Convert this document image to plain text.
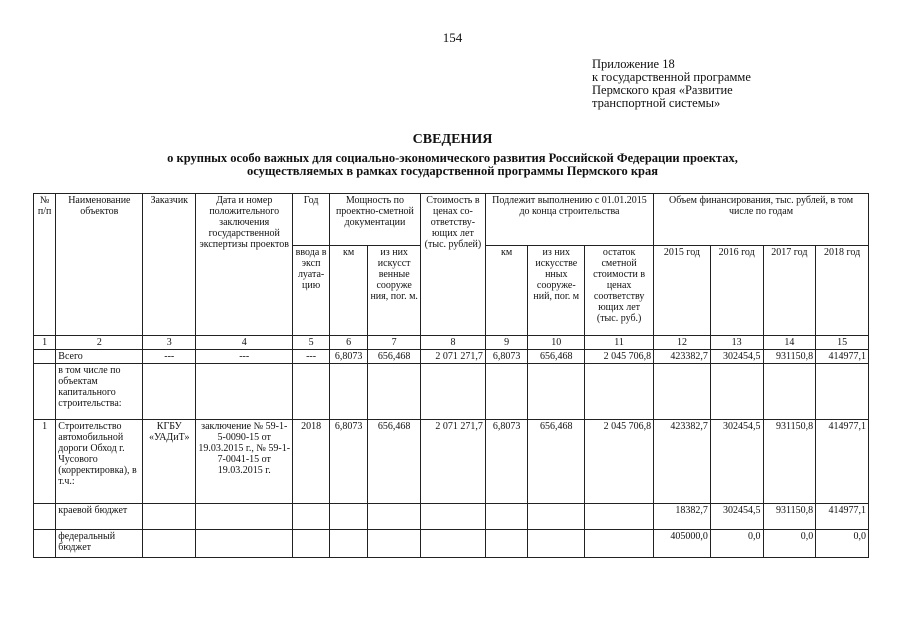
154
Приложение 18
к государственной программе
Пермского края «Развитие
транспортной системы»
СВЕДЕНИЯ
о крупных особо важных для социально-экономического развития Российской Федерации проектах,
осуществляемых в рамках государственной программы Пермского края
№ п/п	Наименование объектов	Заказчик	Дата и номер положительного заключения государственной экспертизы проектов	Год	Мощность по проектно-сметной документации		Стоимость в ценах со-ответству-ющих лет (тыс. рублей)	Подлежит выполнению с 01.01.2015 до конца строительства			Объем финансирования, тыс. рублей, в том числе по годам			
				ввода в эксп луата-цию	км	из них искусст венные сооруже ния, пог. м.		км	из них искусстве нных сооруже-ний, пог. м	остаток сметной стоимости в ценах соответству ющих лет (тыс. руб.)	2015 год	2016 год	2017 год	2018 год
1	2	3	4	5	6	7	8	9	10	11	12	13	14	15
	Всего	---	---	---	6,8073	656,468	2 071 271,7	6,8073	656,468	2 045 706,8	423382,7	302454,5	931150,8	414977,1
	в том числе по объектам капитального строительства:													
1	Строительство автомобильной дороги Обход г. Чусового (корректировка), в т.ч.:	КГБУ «УАДиТ»	заключение № 59-1-5-0090-15 от 19.03.2015 г., № 59-1-7-0041-15 от 19.03.2015 г.	2018	6,8073	656,468	2 071 271,7	6,8073	656,468	2 045 706,8	423382,7	302454,5	931150,8	414977,1
	краевой бюджет										18382,7	302454,5	931150,8	414977,1
	федеральный бюджет										405000,0	0,0	0,0	0,0
